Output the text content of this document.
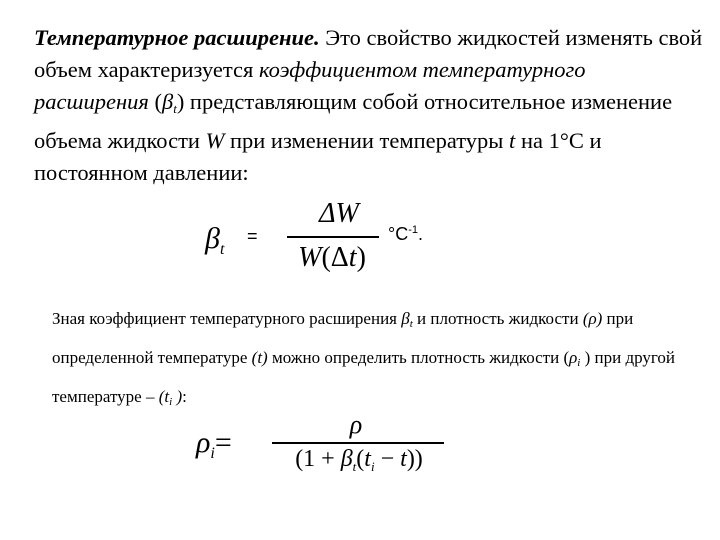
Температурное расширение. Это свойство жидкостей изменять свой объем характеризуется коэффициентом температурного расширения $(\beta_t)$ представляющим собой относительное изменение объема жидкости W при изменении температуры t на 1°С и постоянном давлении:
$\beta_t$
=
ΔW
W(Δt)
$^\circ C^{-1}$.
Зная коэффициент температурного расширения $\beta_t$ и плотность жидкости (ρ) при определенной температуре (t) можно определить плотность жидкости ($\rho_i$ ) при другой температуре – ($t_i$ ):
$\rho_i=$
ρ
$(1 + \beta_t(t_i - t))$
